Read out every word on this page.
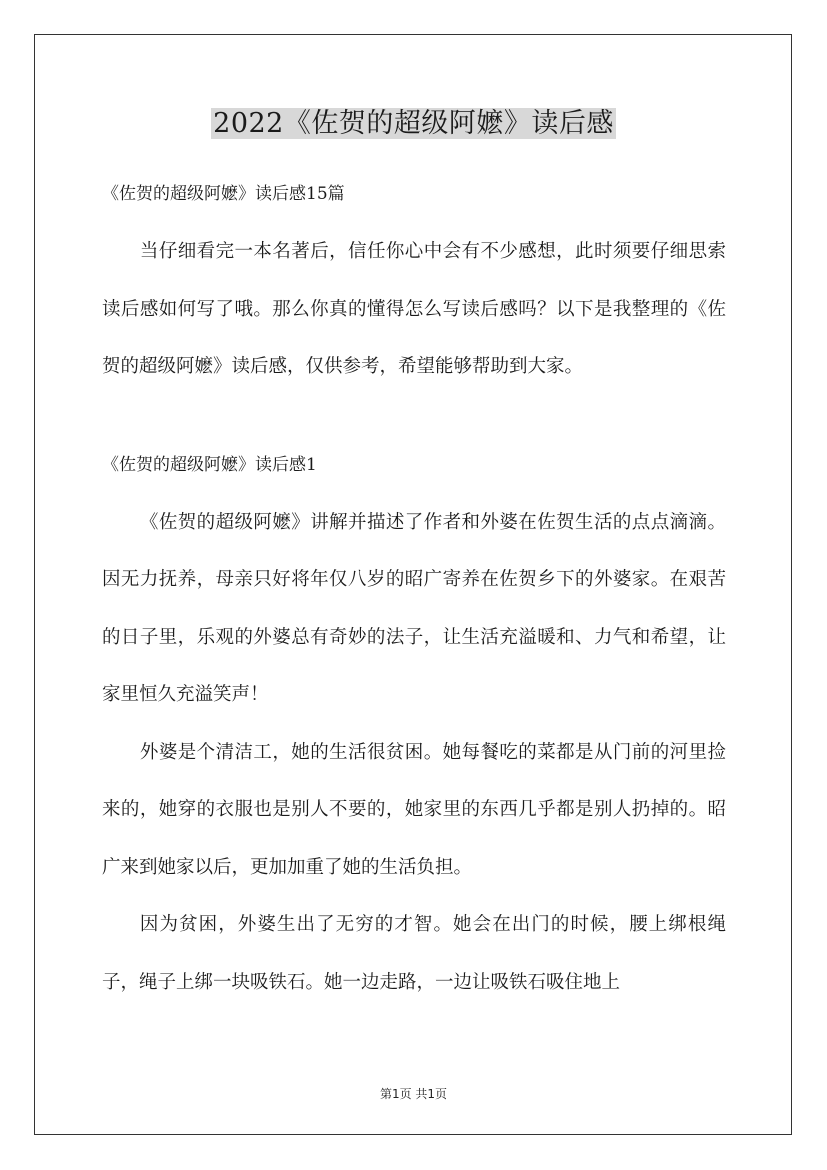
2022《佐贺的超级阿嬷》读后感

《佐贺的超级阿嬷》读后感15篇

当仔细看完一本名著后，信任你心中会有不少感想，此时须要仔细思索读后感如何写了哦。那么你真的懂得怎么写读后感吗？以下是我整理的《佐贺的超级阿嬷》读后感，仅供参考，希望能够帮助到大家。

《佐贺的超级阿嬷》读后感1

《佐贺的超级阿嬷》讲解并描述了作者和外婆在佐贺生活的点点滴滴。因无力抚养，母亲只好将年仅八岁的昭广寄养在佐贺乡下的外婆家。在艰苦的日子里，乐观的外婆总有奇妙的法子，让生活充溢暖和、力气和希望，让家里恒久充溢笑声！

外婆是个清洁工，她的生活很贫困。她每餐吃的菜都是从门前的河里捡来的，她穿的衣服也是别人不要的，她家里的东西几乎都是别人扔掉的。昭广来到她家以后，更加加重了她的生活负担。

因为贫困，外婆生出了无穷的才智。她会在出门的时候，腰上绑根绳子，绳子上绑一块吸铁石。她一边走路，一边让吸铁石吸住地上

第1页 共1页
